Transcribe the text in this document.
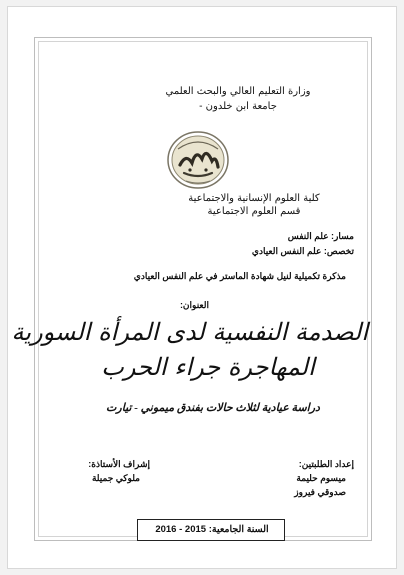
وزارة التعليم العالي والبحث العلمي
جامعة ابن خلدون -
كلية العلوم الإنسانية والاجتماعية
قسم العلوم الاجتماعية
مسار: علم النفس
تخصص: علم النفس العيادي
مذكرة تكميلية لنيل شهادة الماستر في علم النفس العيادي
العنوان:
الصدمة النفسية لدى المرأة السورية
المهاجرة جراء الحرب
دراسة عيادية لثلاث حالات بفندق ميموني - تيارت
إعداد الطلبتين:
ميسوم حليمة
صدوقي فيروز
إشراف الأستاذة:
ملوكي جميلة
السنة الجامعية: 2015 - 2016
